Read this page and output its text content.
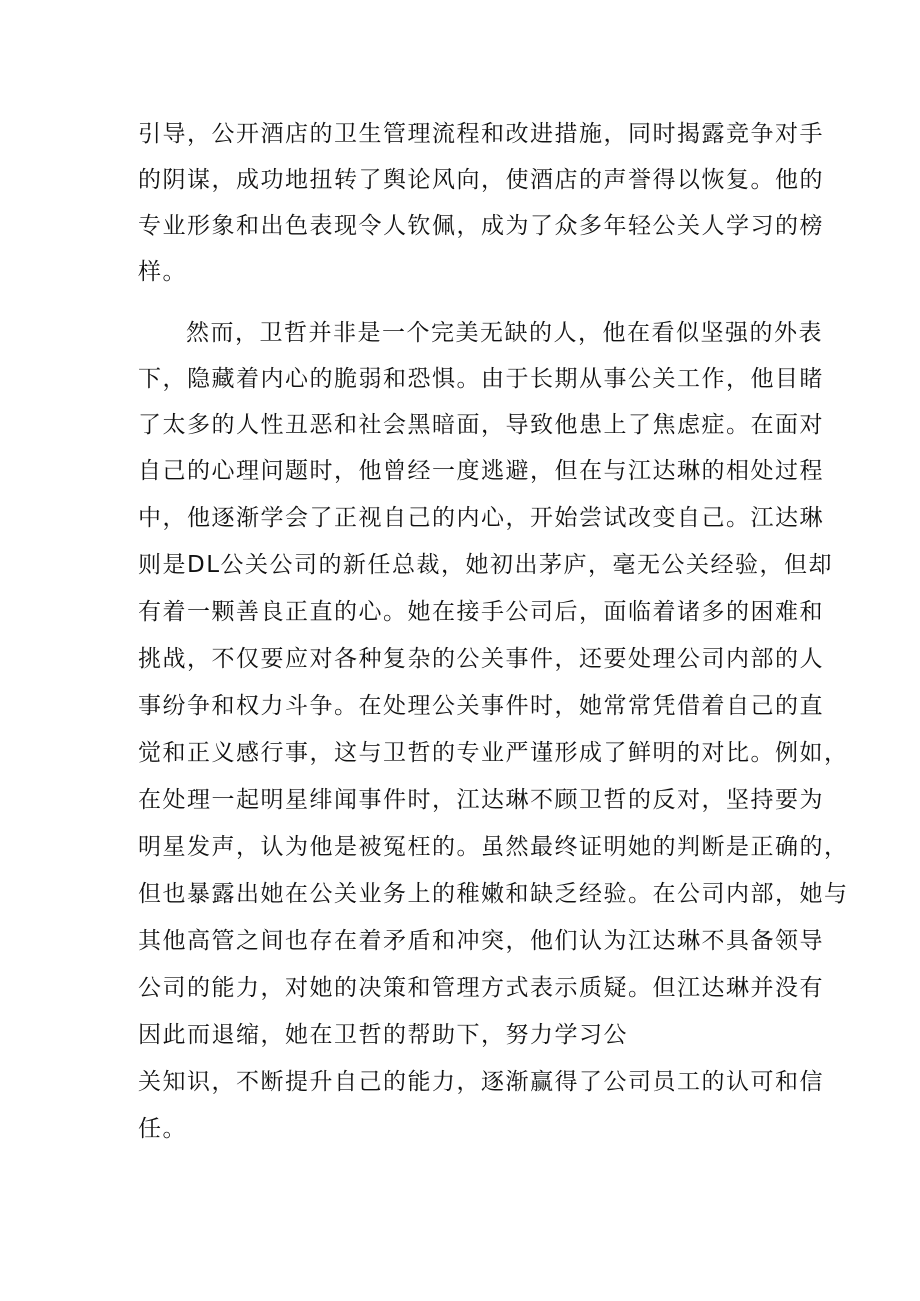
引导，公开酒店的卫生管理流程和改进措施，同时揭露竞争对手
的阴谋，成功地扭转了舆论风向，使酒店的声誉得以恢复。他的
专业形象和出色表现令人钦佩，成为了众多年轻公关人学习的榜
样。
然而，卫哲并非是一个完美无缺的人，他在看似坚强的外表
下，隐藏着内心的脆弱和恐惧。由于长期从事公关工作，他目睹
了太多的人性丑恶和社会黑暗面，导致他患上了焦虑症。在面对
自己的心理问题时，他曾经一度逃避，但在与江达琳的相处过程
中，他逐渐学会了正视自己的内心，开始尝试改变自己。江达琳
则是DL公关公司的新任总裁，她初出茅庐，毫无公关经验，但却
有着一颗善良正直的心。她在接手公司后，面临着诸多的困难和
挑战，不仅要应对各种复杂的公关事件，还要处理公司内部的人
事纷争和权力斗争。在处理公关事件时，她常常凭借着自己的直
觉和正义感行事，这与卫哲的专业严谨形成了鲜明的对比。例如，
在处理一起明星绯闻事件时，江达琳不顾卫哲的反对，坚持要为
明星发声，认为他是被冤枉的。虽然最终证明她的判断是正确的，
但也暴露出她在公关业务上的稚嫩和缺乏经验。在公司内部，她与
其他高管之间也存在着矛盾和冲突，他们认为江达琳不具备领导
公司的能力，对她的决策和管理方式表示质疑。但江达琳并没有
因此而退缩，她在卫哲的帮助下，努力学习公
关知识，不断提升自己的能力，逐渐赢得了公司员工的认可和信
任。
